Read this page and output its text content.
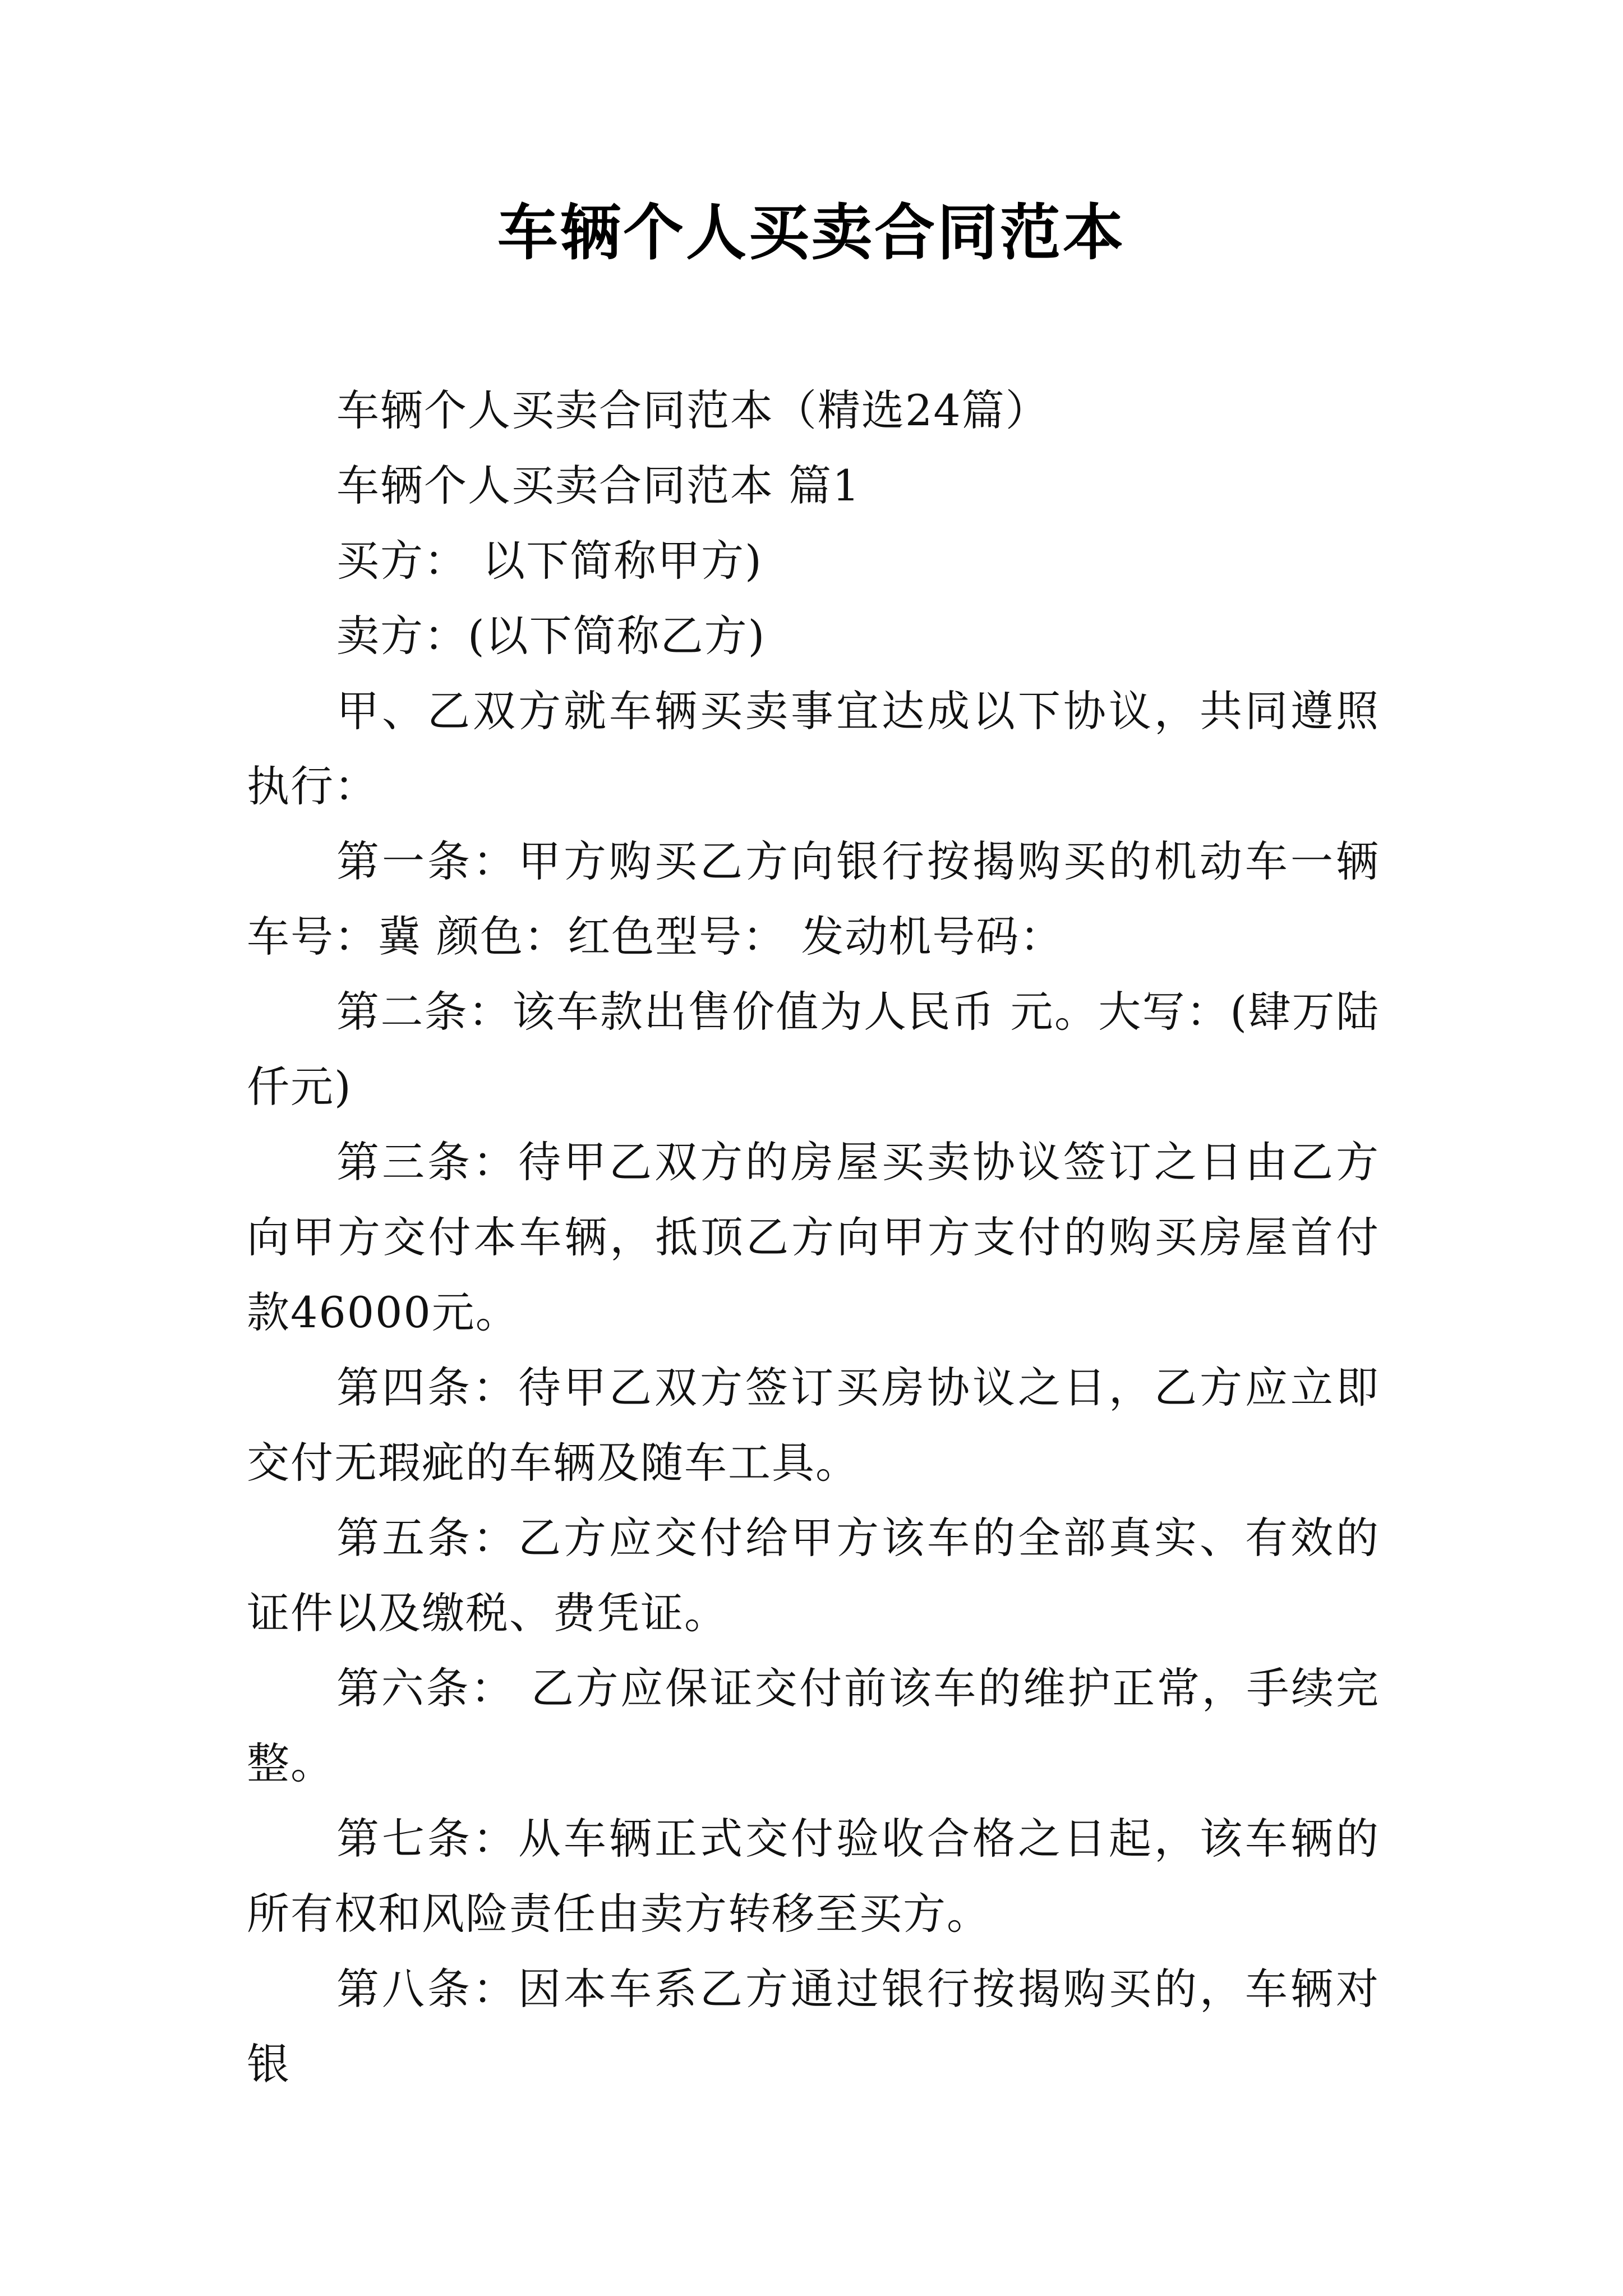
车辆个人买卖合同范本

车辆个人买卖合同范本（精选24篇）

车辆个人买卖合同范本 篇1

买方： 以下简称甲方)

卖方：(以下简称乙方)

甲、乙双方就车辆买卖事宜达成以下协议，共同遵照执行：

第一条：甲方购买乙方向银行按揭购买的机动车一辆车号：冀 颜色：红色型号： 发动机号码：

第二条：该车款出售价值为人民币 元。大写：(肆万陆仟元)

第三条：待甲乙双方的房屋买卖协议签订之日由乙方向甲方交付本车辆，抵顶乙方向甲方支付的购买房屋首付款46000元。

第四条：待甲乙双方签订买房协议之日，乙方应立即交付无瑕疵的车辆及随车工具。

第五条：乙方应交付给甲方该车的全部真实、有效的证件以及缴税、费凭证。

第六条： 乙方应保证交付前该车的维护正常，手续完整。

第七条：从车辆正式交付验收合格之日起，该车辆的所有权和风险责任由卖方转移至买方。

第八条：因本车系乙方通过银行按揭购买的，车辆对银
